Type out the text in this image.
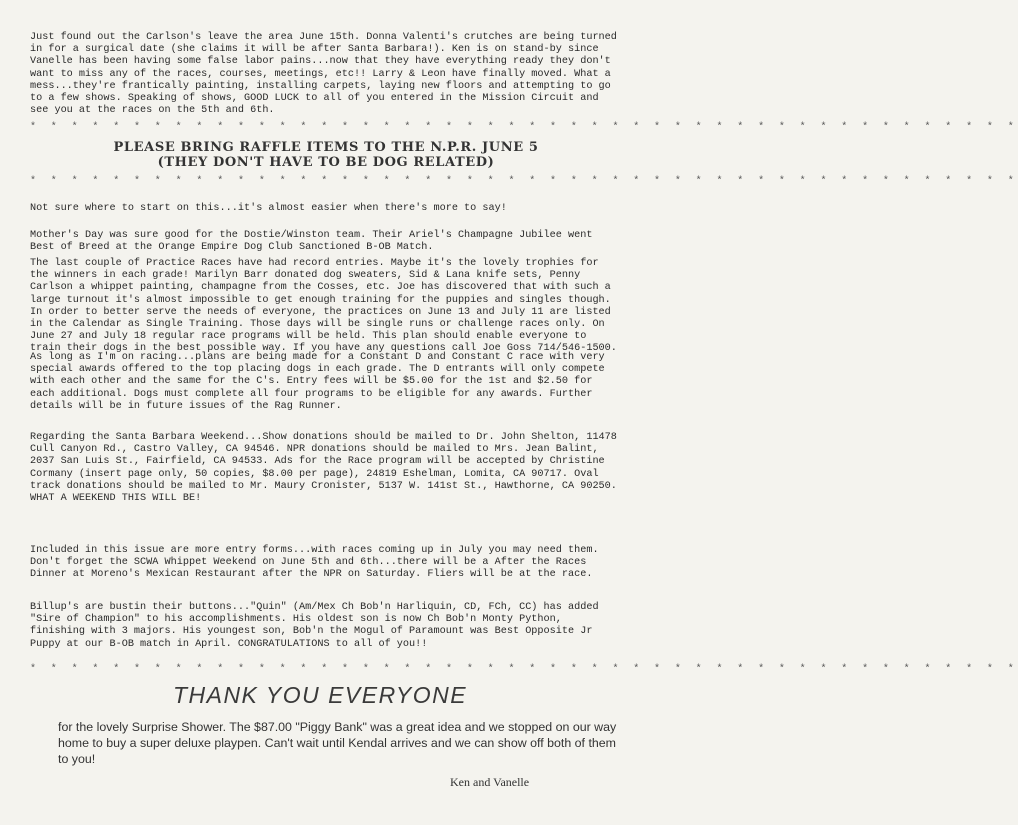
Just found out the Carlson's leave the area June 15th. Donna Valenti's crutches are being turned in for a surgical date (she claims it will be after Santa Barbara!). Ken is on stand-by since Vanelle has been having some false labor pains...now that they have everything ready they don't want to miss any of the races, courses, meetings, etc!! Larry & Leon have finally moved. What a mess...they're frantically painting, installing carpets, laying new floors and attempting to go to a few shows. Speaking of shows, GOOD LUCK to all of you entered in the Mission Circuit and see you at the races on the 5th and 6th.

* * * * * * * * * * * * * * * * * * * * * * * * * * * * * * * * * * * * * * * * * * * * * * * *
PLEASE BRING RAFFLE ITEMS TO THE N.P.R. JUNE 5
(THEY DON'T HAVE TO BE DOG RELATED)
* * * * * * * * * * * * * * * * * * * * * * * * * * * * * * * * * * * * * * * * * * * * * * * *

Not sure where to start on this...it's almost easier when there's more to say!

Mother's Day was sure good for the Dostie/Winston team. Their Ariel's Champagne Jubilee went Best of Breed at the Orange Empire Dog Club Sanctioned B-OB Match.

The last couple of Practice Races have had record entries. Maybe it's the lovely trophies for the winners in each grade! Marilyn Barr donated dog sweaters, Sid & Lana knife sets, Penny Carlson a whippet painting, champagne from the Cosses, etc. Joe has discovered that with such a large turnout it's almost impossible to get enough training for the puppies and singles though. In order to better serve the needs of everyone, the practices on June 13 and July 11 are listed in the Calendar as Single Training. Those days will be single runs or challenge races only. On June 27 and July 18 regular race programs will be held. This plan should enable everyone to train their dogs in the best possible way. If you have any questions call Joe Goss 714/546-1500.

As long as I'm on racing...plans are being made for a Constant D and Constant C race with very special awards offered to the top placing dogs in each grade. The D entrants will only compete with each other and the same for the C's. Entry fees will be $5.00 for the 1st and $2.50 for each additional. Dogs must complete all four programs to be eligible for any awards. Further details will be in future issues of the Rag Runner.

Regarding the Santa Barbara Weekend...Show donations should be mailed to Dr. John Shelton, 11478 Cull Canyon Rd., Castro Valley, CA 94546. NPR donations should be mailed to Mrs. Jean Balint, 2037 San Luis St., Fairfield, CA 94533. Ads for the Race program will be accepted by Christine Cormany (insert page only, 50 copies, $8.00 per page), 24819 Eshelman, Lomita, CA 90717. Oval track donations should be mailed to Mr. Maury Cronister, 5137 W. 141st St., Hawthorne, CA 90250. WHAT A WEEKEND THIS WILL BE!

Included in this issue are more entry forms...with races coming up in July you may need them. Don't forget the SCWA Whippet Weekend on June 5th and 6th...there will be a After the Races Dinner at Moreno's Mexican Restaurant after the NPR on Saturday. Fliers will be at the race.

Billup's are bustin their buttons..."Quin" (Am/Mex Ch Bob'n Harliquin, CD, FCh, CC) has added "Sire of Champion" to his accomplishments. His oldest son is now Ch Bob'n Monty Python, finishing with 3 majors. His youngest son, Bob'n the Mogul of Paramount was Best Opposite Jr Puppy at our B-OB match in April. CONGRATULATIONS to all of you!!

* * * * * * * * * * * * * * * * * * * * * * * * * * * * * * * * * * * * * * * * * * * * * * * *
THANK YOU EVERYONE

for the lovely Surprise Shower. The $87.00 "Piggy Bank" was a great idea and we stopped on our way home to buy a super deluxe playpen. Can't wait until Kendal arrives and we can show off both of them to you!

Ken and Vanelle
